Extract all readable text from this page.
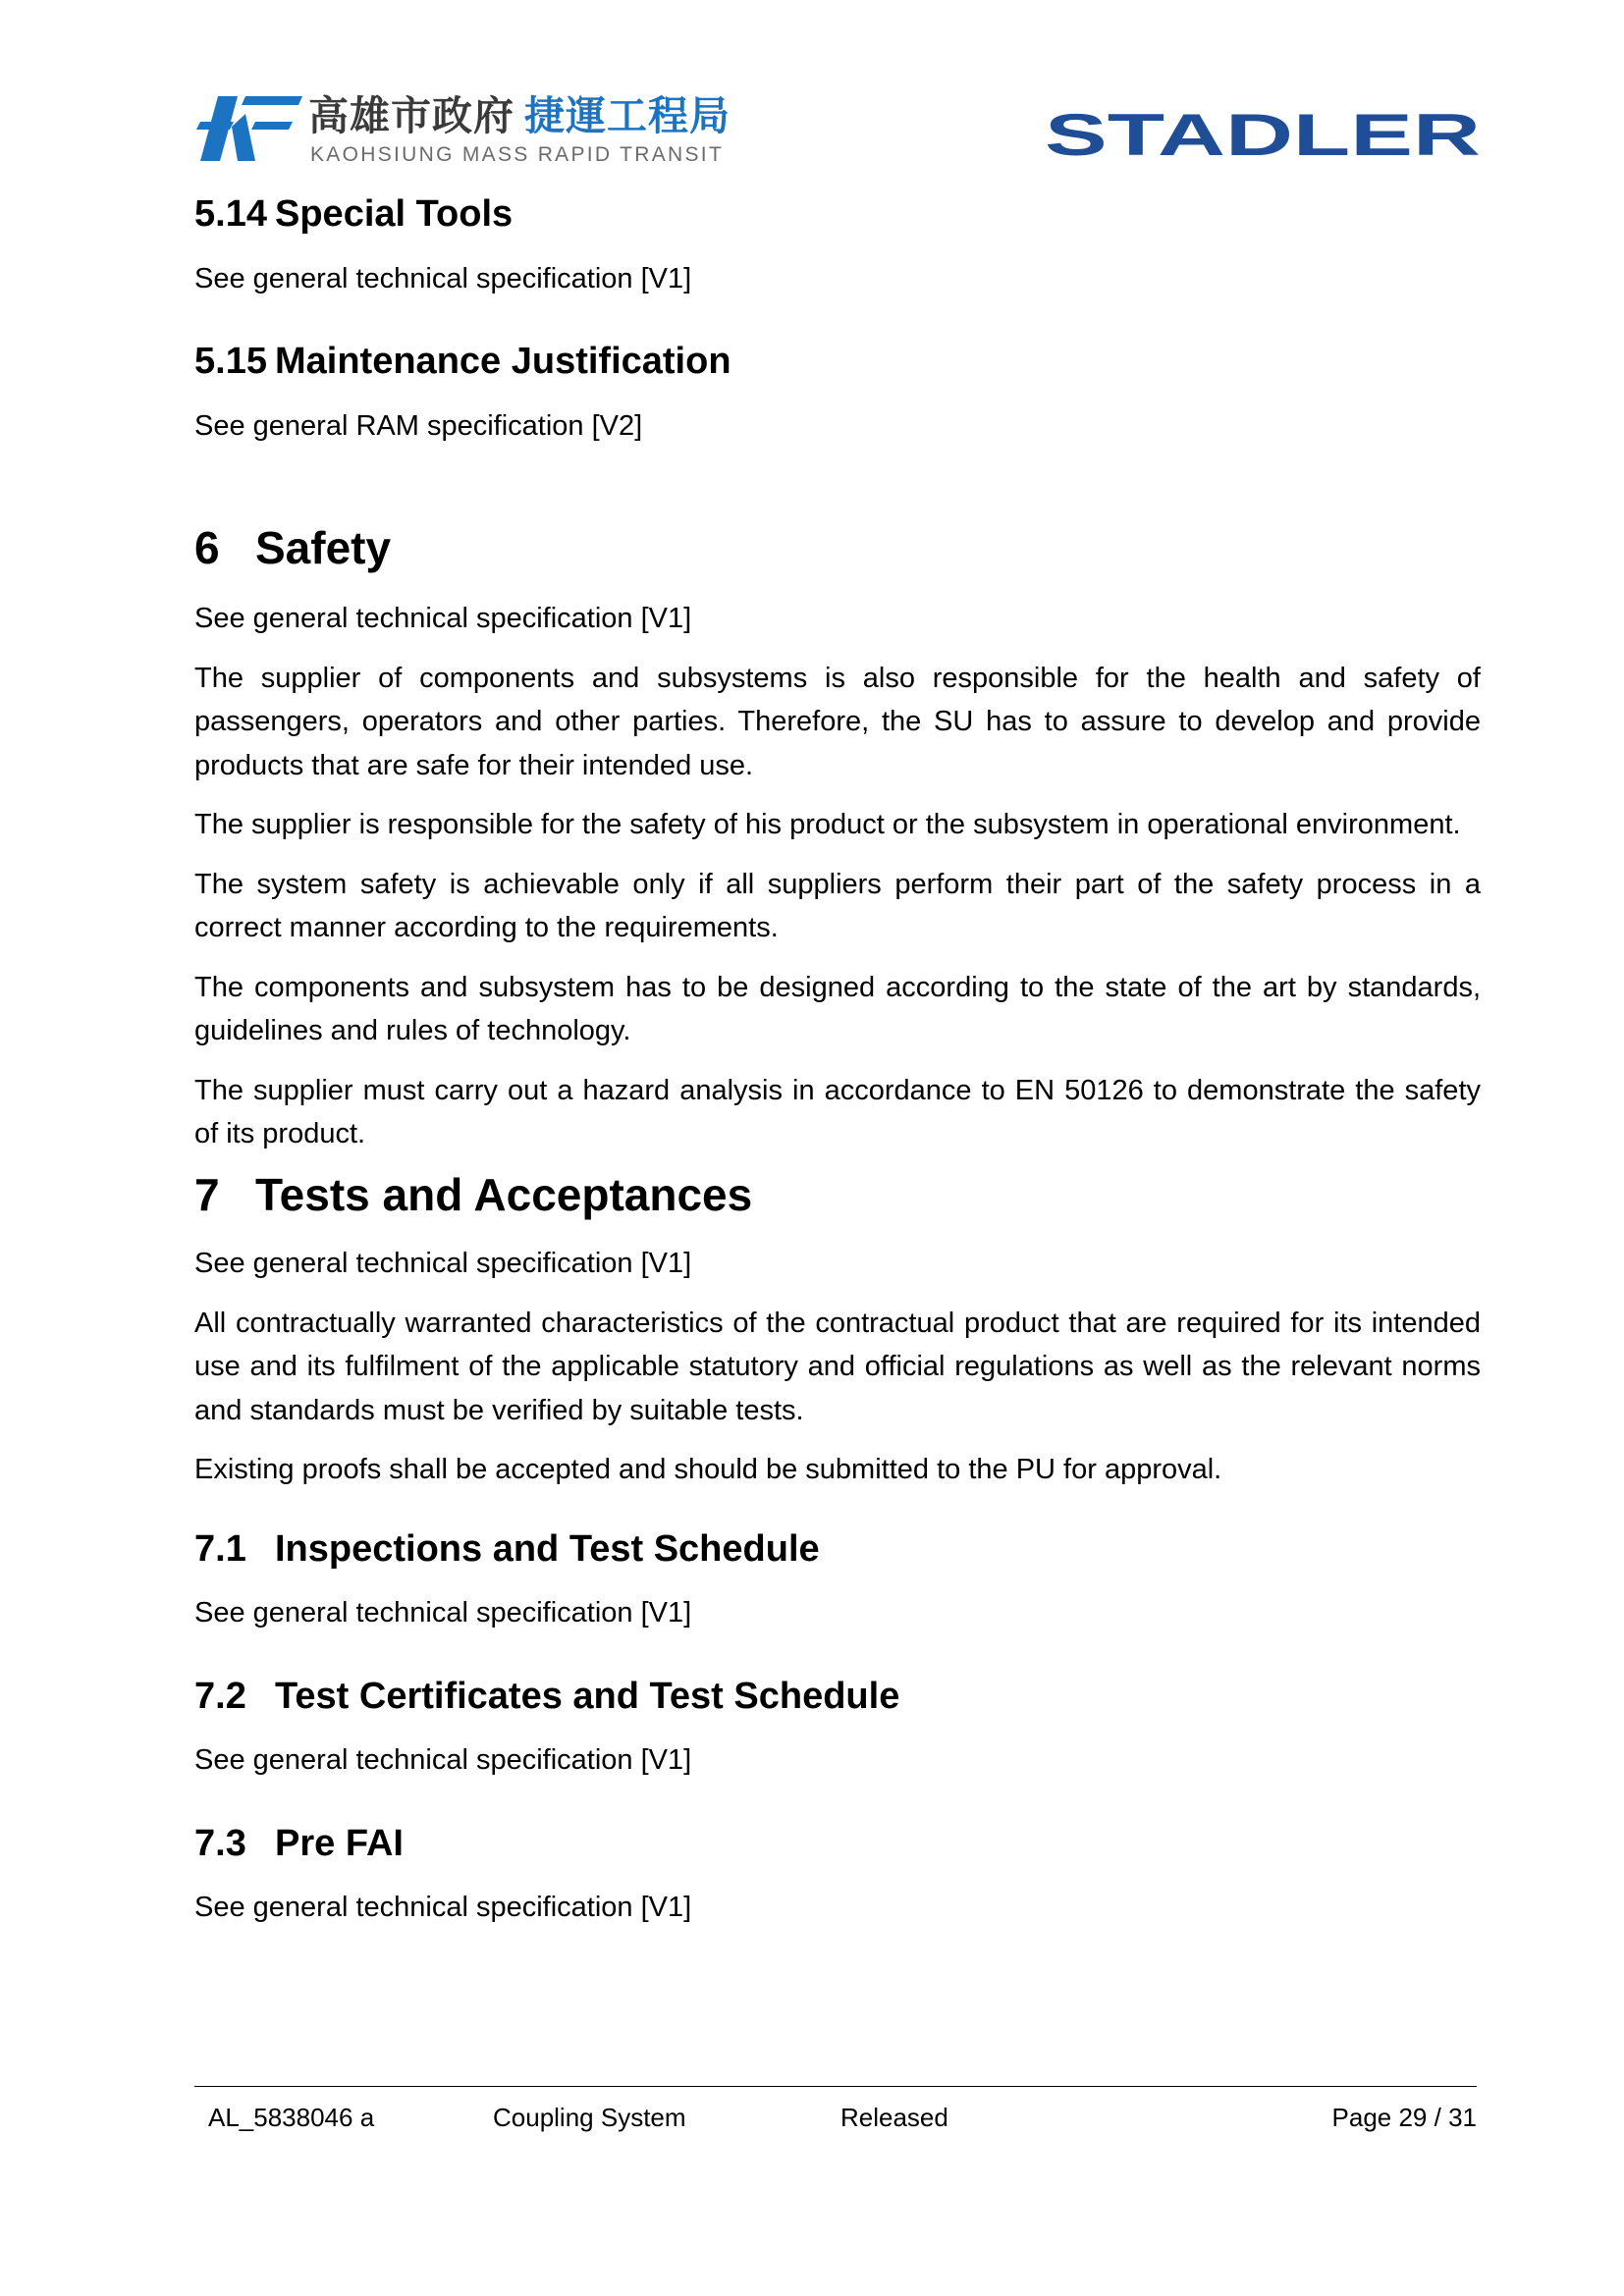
高雄市政府 捷運工程局
KAOHSIUNG MASS RAPID TRANSIT	STADLER
5.14 Special Tools

See general technical specification [V1]

5.15 Maintenance Justification

See general RAM specification [V2]

6 Safety

See general technical specification [V1]

The supplier of components and subsystems is also responsible for the health and safety of passengers, operators and other parties. Therefore, the SU has to assure to develop and provide products that are safe for their intended use.

The supplier is responsible for the safety of his product or the subsystem in operational environment.

The system safety is achievable only if all suppliers perform their part of the safety process in a correct manner according to the requirements.

The components and subsystem has to be designed according to the state of the art by standards, guidelines and rules of technology.

The supplier must carry out a hazard analysis in accordance to EN 50126 to demonstrate the safety of its product.

7 Tests and Acceptances

See general technical specification [V1]

All contractually warranted characteristics of the contractual product that are required for its intended use and its fulfilment of the applicable statutory and official regulations as well as the relevant norms and standards must be verified by suitable tests.

Existing proofs shall be accepted and should be submitted to the PU for approval.

7.1 Inspections and Test Schedule

See general technical specification [V1]

7.2 Test Certificates and Test Schedule

See general technical specification [V1]

7.3 Pre FAI

See general technical specification [V1]

AL_5838046 a	Coupling System	Released	Page 29 / 31
